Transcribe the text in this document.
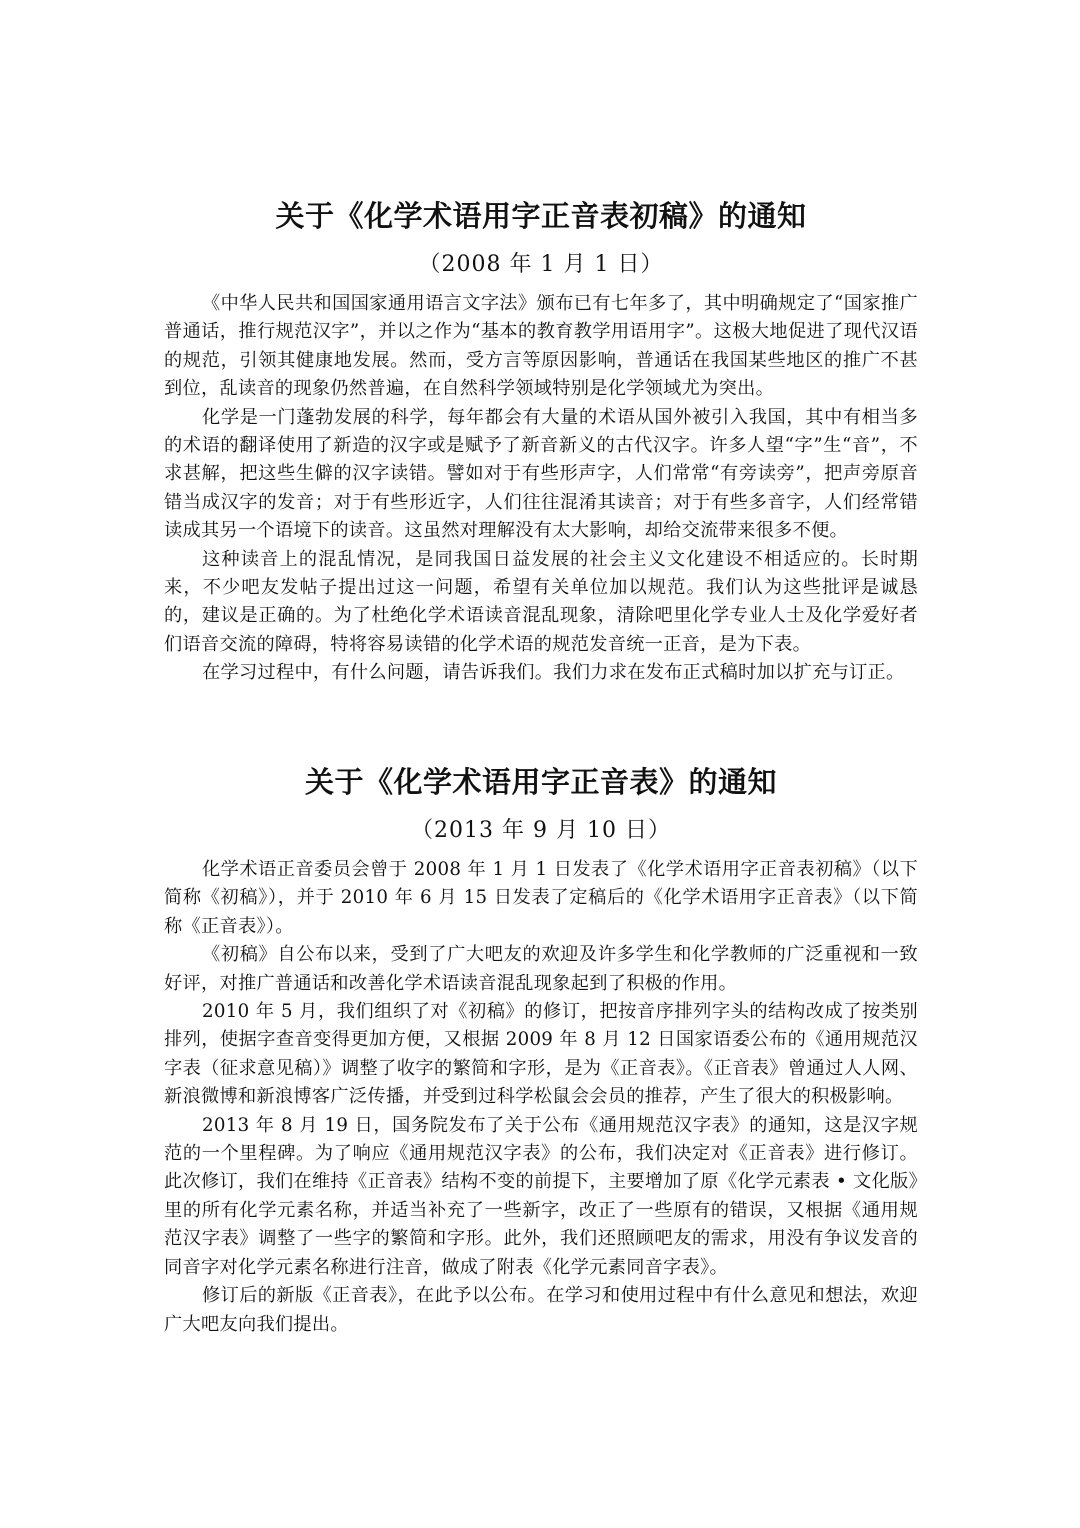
关于《化学术语用字正音表初稿》的通知
（2008 年 1 月 1 日）

《中华人民共和国国家通用语言文字法》颁布已有七年多了，其中明确规定了“国家推广普通话，推行规范汉字”，并以之作为“基本的教育教学用语用字”。这极大地促进了现代汉语的规范，引领其健康地发展。然而，受方言等原因影响，普通话在我国某些地区的推广不甚到位，乱读音的现象仍然普遍，在自然科学领域特别是化学领域尤为突出。

化学是一门蓬勃发展的科学，每年都会有大量的术语从国外被引入我国，其中有相当多的术语的翻译使用了新造的汉字或是赋予了新音新义的古代汉字。许多人望“字”生“音”，不求甚解，把这些生僻的汉字读错。譬如对于有些形声字，人们常常“有旁读旁”，把声旁原音错当成汉字的发音；对于有些形近字，人们往往混淆其读音；对于有些多音字，人们经常错读成其另一个语境下的读音。这虽然对理解没有太大影响，却给交流带来很多不便。

这种读音上的混乱情况，是同我国日益发展的社会主义文化建设不相适应的。长时期来，不少吧友发帖子提出过这一问题，希望有关单位加以规范。我们认为这些批评是诚恳的，建议是正确的。为了杜绝化学术语读音混乱现象，清除吧里化学专业人士及化学爱好者们语音交流的障碍，特将容易读错的化学术语的规范发音统一正音，是为下表。

在学习过程中，有什么问题，请告诉我们。我们力求在发布正式稿时加以扩充与订正。

关于《化学术语用字正音表》的通知
（2013 年 9 月 10 日）

化学术语正音委员会曾于 2008 年 1 月 1 日发表了《化学术语用字正音表初稿》（以下简称《初稿》），并于 2010 年 6 月 15 日发表了定稿后的《化学术语用字正音表》（以下简称《正音表》）。

《初稿》自公布以来，受到了广大吧友的欢迎及许多学生和化学教师的广泛重视和一致好评，对推广普通话和改善化学术语读音混乱现象起到了积极的作用。

2010 年 5 月，我们组织了对《初稿》的修订，把按音序排列字头的结构改成了按类别排列，使据字查音变得更加方便，又根据 2009 年 8 月 12 日国家语委公布的《通用规范汉字表（征求意见稿）》调整了收字的繁简和字形，是为《正音表》。《正音表》曾通过人人网、新浪微博和新浪博客广泛传播，并受到过科学松鼠会会员的推荐，产生了很大的积极影响。

2013 年 8 月 19 日，国务院发布了关于公布《通用规范汉字表》的通知，这是汉字规范的一个里程碑。为了响应《通用规范汉字表》的公布，我们决定对《正音表》进行修订。此次修订，我们在维持《正音表》结构不变的前提下，主要增加了原《化学元素表 • 文化版》里的所有化学元素名称，并适当补充了一些新字，改正了一些原有的错误，又根据《通用规范汉字表》调整了一些字的繁简和字形。此外，我们还照顾吧友的需求，用没有争议发音的同音字对化学元素名称进行注音，做成了附表《化学元素同音字表》。

修订后的新版《正音表》，在此予以公布。在学习和使用过程中有什么意见和想法，欢迎广大吧友向我们提出。
